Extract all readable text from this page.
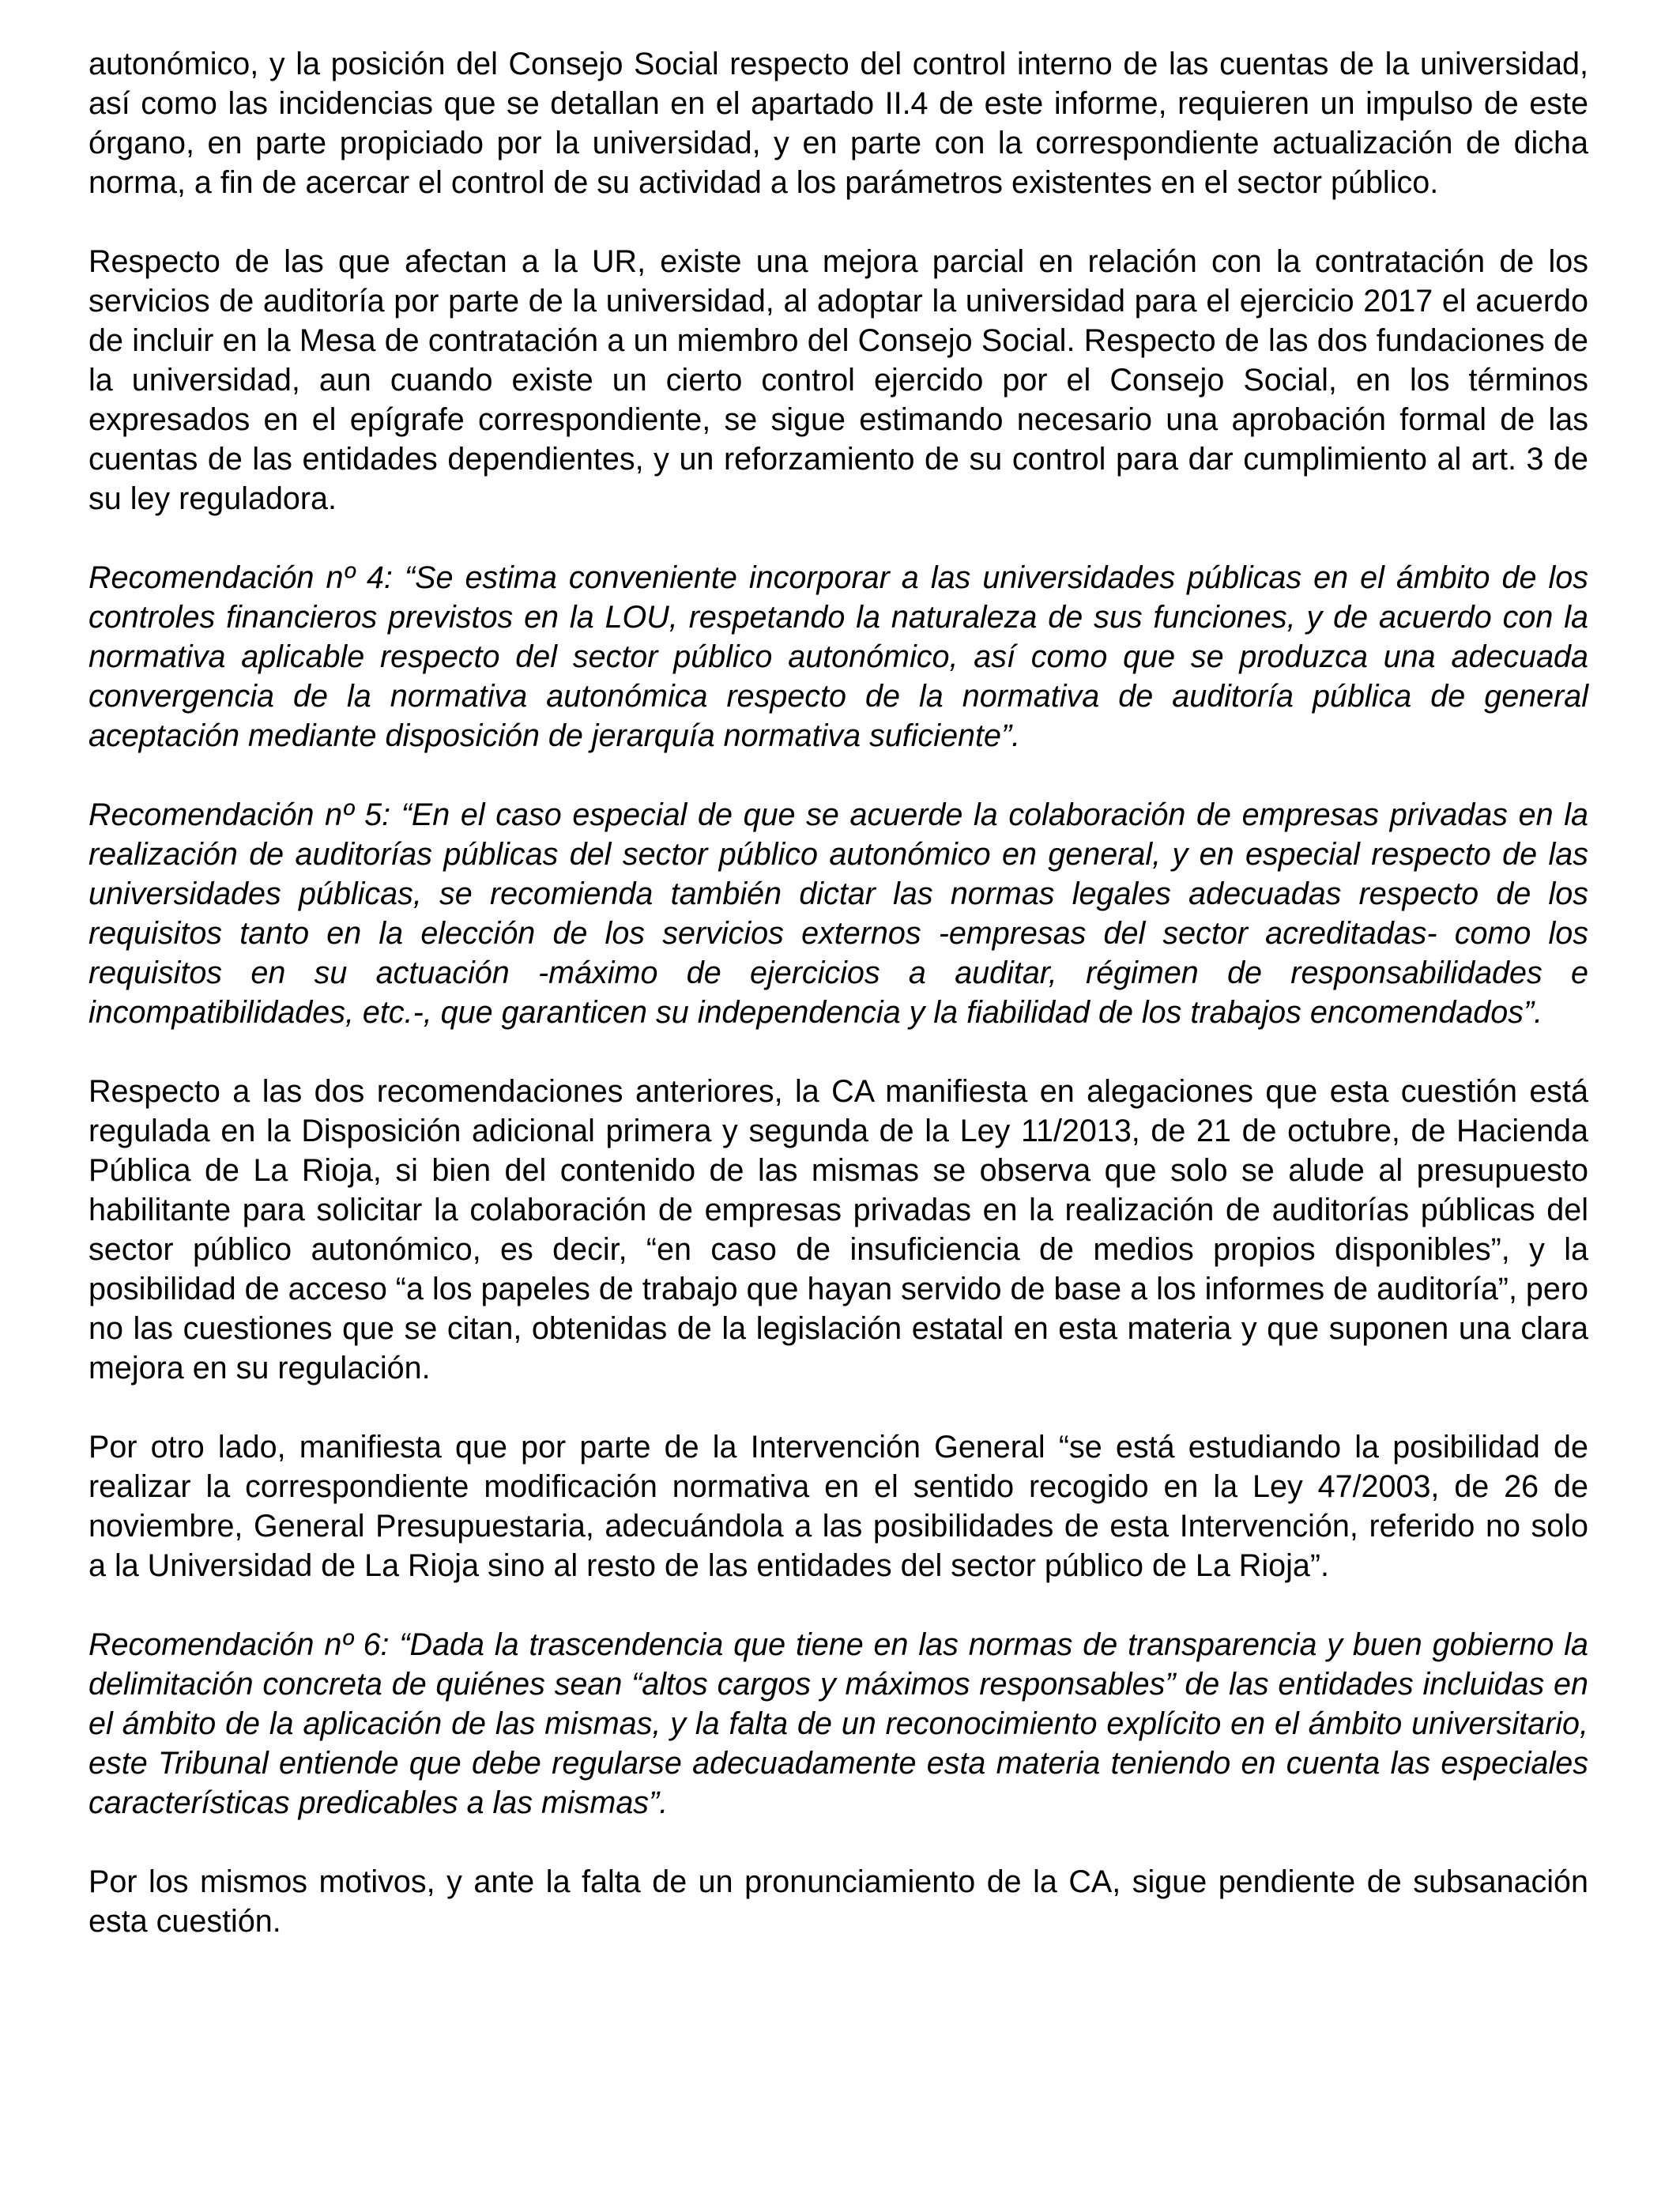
autonómico, y la posición del Consejo Social respecto del control interno de las cuentas de la universidad, así como las incidencias que se detallan en el apartado II.4 de este informe, requieren un impulso de este órgano, en parte propiciado por la universidad, y en parte con la correspondiente actualización de dicha norma, a fin de acercar el control de su actividad a los parámetros existentes en el sector público.

Respecto de las que afectan a la UR, existe una mejora parcial en relación con la contratación de los servicios de auditoría por parte de la universidad, al adoptar la universidad para el ejercicio 2017 el acuerdo de incluir en la Mesa de contratación a un miembro del Consejo Social. Respecto de las dos fundaciones de la universidad, aun cuando existe un cierto control ejercido por el Consejo Social, en los términos expresados en el epígrafe correspondiente, se sigue estimando necesario una aprobación formal de las cuentas de las entidades dependientes, y un reforzamiento de su control para dar cumplimiento al art. 3 de su ley reguladora.

Recomendación nº 4: “Se estima conveniente incorporar a las universidades públicas en el ámbito de los controles financieros previstos en la LOU, respetando la naturaleza de sus funciones, y de acuerdo con la normativa aplicable respecto del sector público autonómico, así como que se produzca una adecuada convergencia de la normativa autonómica respecto de la normativa de auditoría pública de general aceptación mediante disposición de jerarquía normativa suficiente”.

Recomendación nº 5: “En el caso especial de que se acuerde la colaboración de empresas privadas en la realización de auditorías públicas del sector público autonómico en general, y en especial respecto de las universidades públicas, se recomienda también dictar las normas legales adecuadas respecto de los requisitos tanto en la elección de los servicios externos -empresas del sector acreditadas- como los requisitos en su actuación -máximo de ejercicios a auditar, régimen de responsabilidades e incompatibilidades, etc.-, que garanticen su independencia y la fiabilidad de los trabajos encomendados”.

Respecto a las dos recomendaciones anteriores, la CA manifiesta en alegaciones que esta cuestión está regulada en la Disposición adicional primera y segunda de la Ley 11/2013, de 21 de octubre, de Hacienda Pública de La Rioja, si bien del contenido de las mismas se observa que solo se alude al presupuesto habilitante para solicitar la colaboración de empresas privadas en la realización de auditorías públicas del sector público autonómico, es decir, “en caso de insuficiencia de medios propios disponibles”, y la posibilidad de acceso “a los papeles de trabajo que hayan servido de base a los informes de auditoría”, pero no las cuestiones que se citan, obtenidas de la legislación estatal en esta materia y que suponen una clara mejora en su regulación.

Por otro lado, manifiesta que por parte de la Intervención General “se está estudiando la posibilidad de realizar la correspondiente modificación normativa en el sentido recogido en la Ley 47/2003, de 26 de noviembre, General Presupuestaria, adecuándola a las posibilidades de esta Intervención, referido no solo a la Universidad de La Rioja sino al resto de las entidades del sector público de La Rioja”.

Recomendación nº 6: “Dada la trascendencia que tiene en las normas de transparencia y buen gobierno la delimitación concreta de quiénes sean “altos cargos y máximos responsables” de las entidades incluidas en el ámbito de la aplicación de las mismas, y la falta de un reconocimiento explícito en el ámbito universitario, este Tribunal entiende que debe regularse adecuadamente esta materia teniendo en cuenta las especiales características predicables a las mismas”.

Por los mismos motivos, y ante la falta de un pronunciamiento de la CA, sigue pendiente de subsanación esta cuestión.
